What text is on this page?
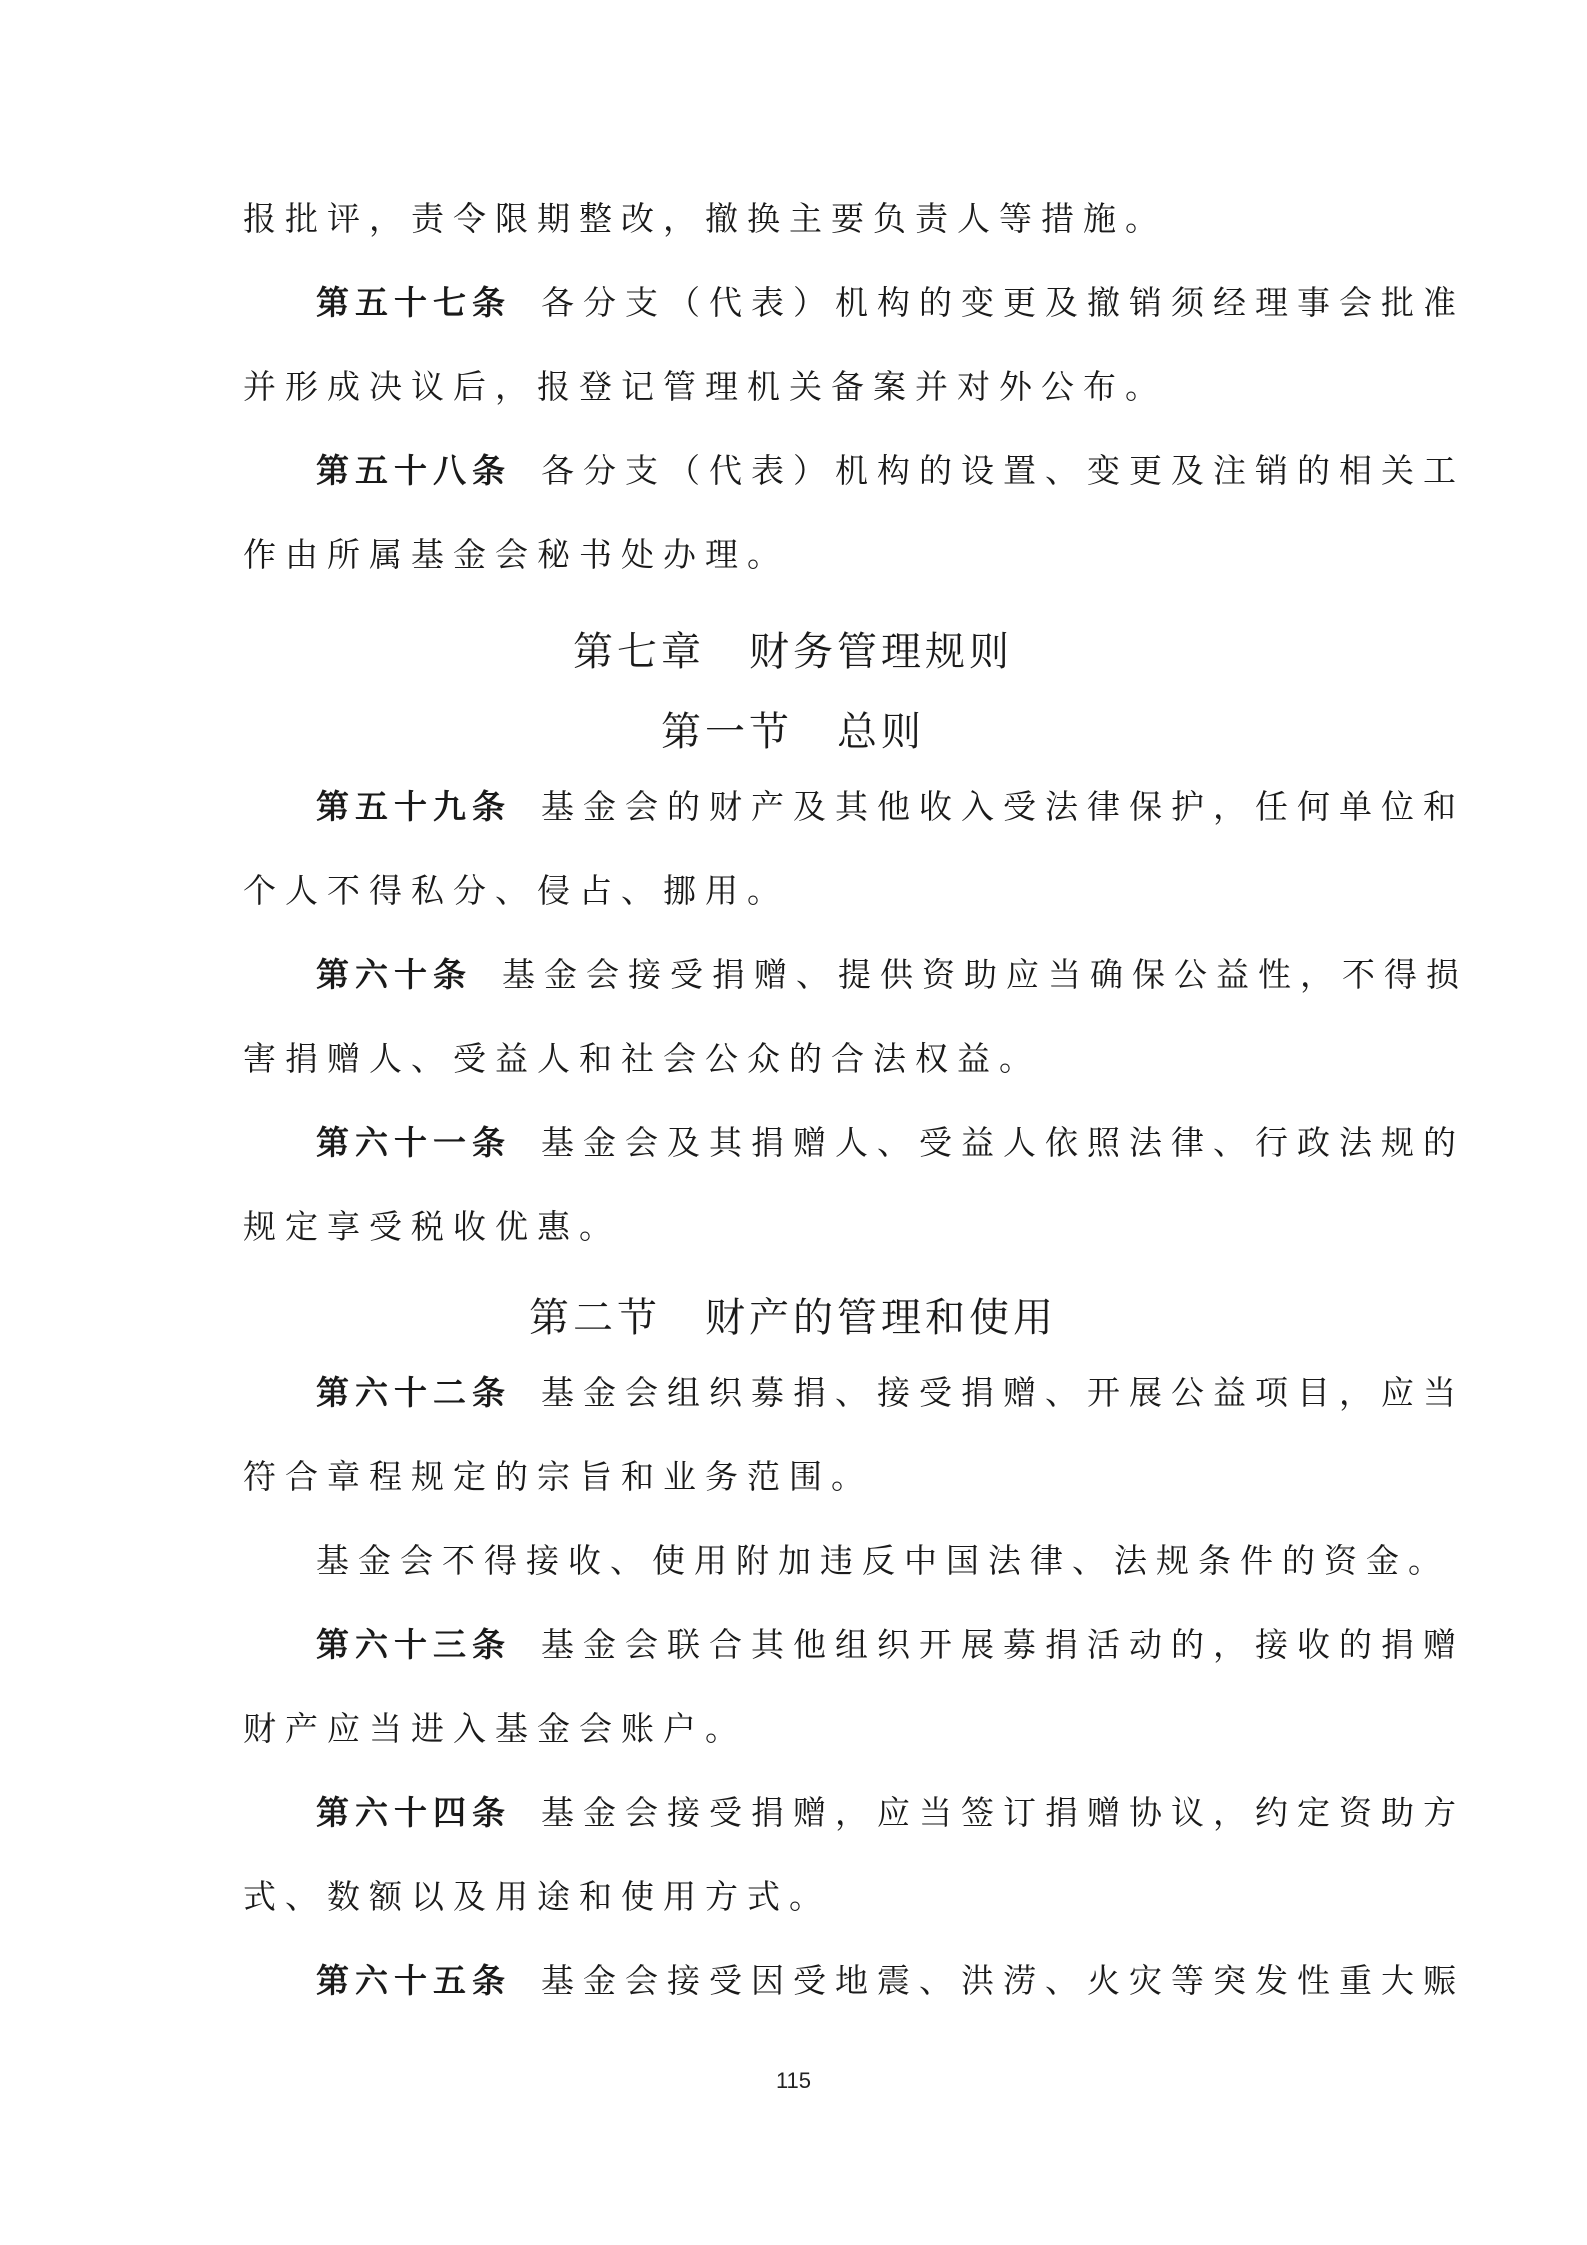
报批评，责令限期整改，撤换主要负责人等措施。
第五十七条 各分支（代表）机构的变更及撤销须经理事会批准
并形成决议后，报登记管理机关备案并对外公布。
第五十八条 各分支（代表）机构的设置、变更及注销的相关工
作由所属基金会秘书处办理。
第七章 财务管理规则
第一节 总则
第五十九条 基金会的财产及其他收入受法律保护，任何单位和
个人不得私分、侵占、挪用。
第六十条 基金会接受捐赠、提供资助应当确保公益性，不得损
害捐赠人、受益人和社会公众的合法权益。
第六十一条 基金会及其捐赠人、受益人依照法律、行政法规的
规定享受税收优惠。
第二节 财产的管理和使用
第六十二条 基金会组织募捐、接受捐赠、开展公益项目，应当
符合章程规定的宗旨和业务范围。
基金会不得接收、使用附加违反中国法律、法规条件的资金。
第六十三条 基金会联合其他组织开展募捐活动的，接收的捐赠
财产应当进入基金会账户。
第六十四条 基金会接受捐赠，应当签订捐赠协议，约定资助方
式、数额以及用途和使用方式。
第六十五条 基金会接受因受地震、洪涝、火灾等突发性重大赈
115
